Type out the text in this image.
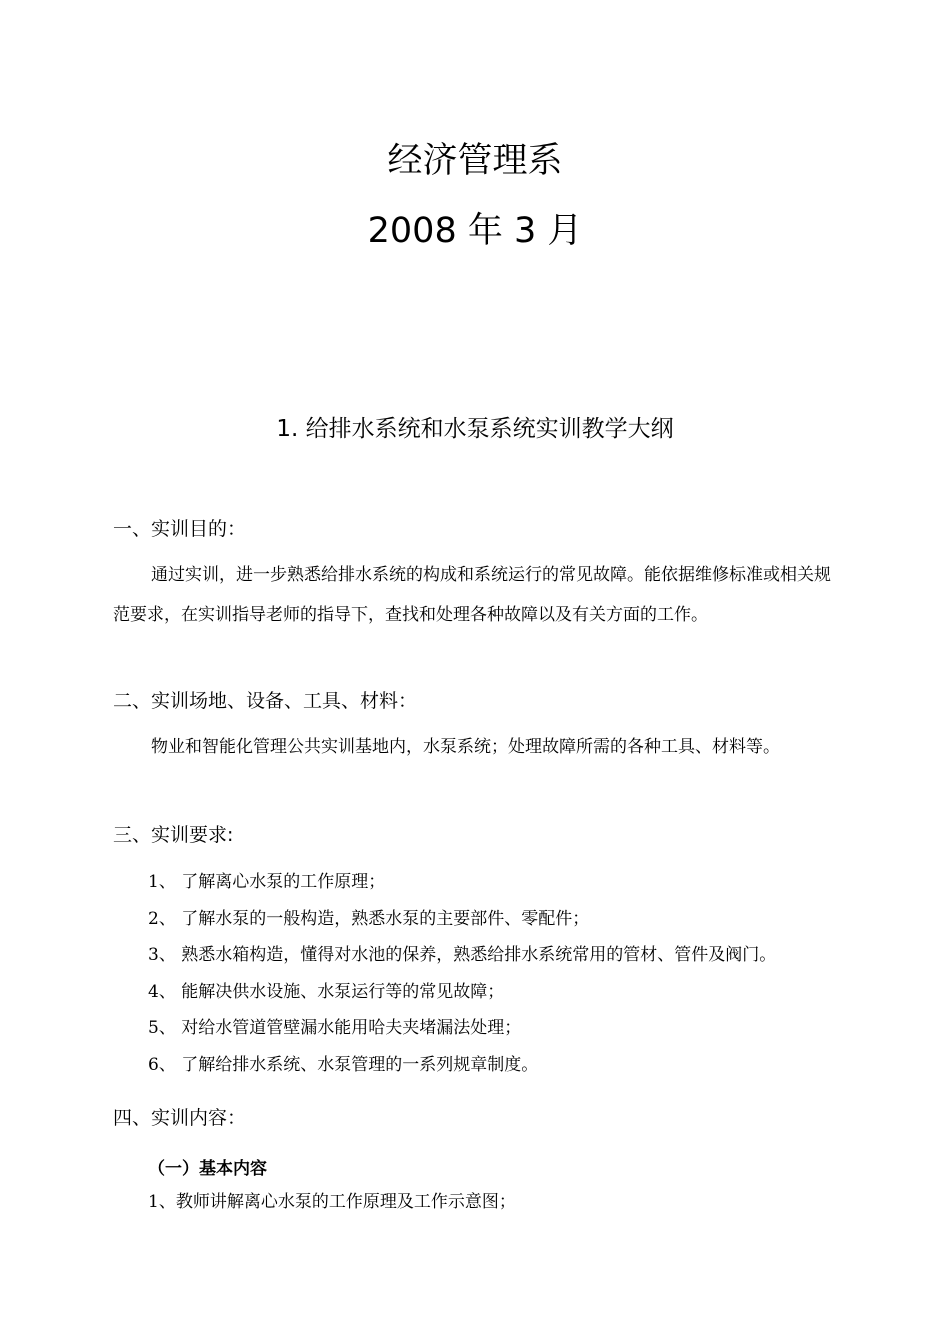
经济管理系
2008 年 3 月
1. 给排水系统和水泵系统实训教学大纲
一、实训目的：
通过实训，进一步熟悉给排水系统的构成和系统运行的常见故障。能依据维修标准或相关规范要求，在实训指导老师的指导下，查找和处理各种故障以及有关方面的工作。
二、实训场地、设备、工具、材料：
物业和智能化管理公共实训基地内，水泵系统；处理故障所需的各种工具、材料等。
三、实训要求:
1、 了解离心水泵的工作原理；
2、 了解水泵的一般构造，熟悉水泵的主要部件、零配件；
3、 熟悉水箱构造，懂得对水池的保养，熟悉给排水系统常用的管材、管件及阀门。
4、 能解决供水设施、水泵运行等的常见故障；
5、 对给水管道管壁漏水能用哈夫夹堵漏法处理；
6、 了解给排水系统、水泵管理的一系列规章制度。
四、实训内容：
（一）基本内容
1、教师讲解离心水泵的工作原理及工作示意图；
